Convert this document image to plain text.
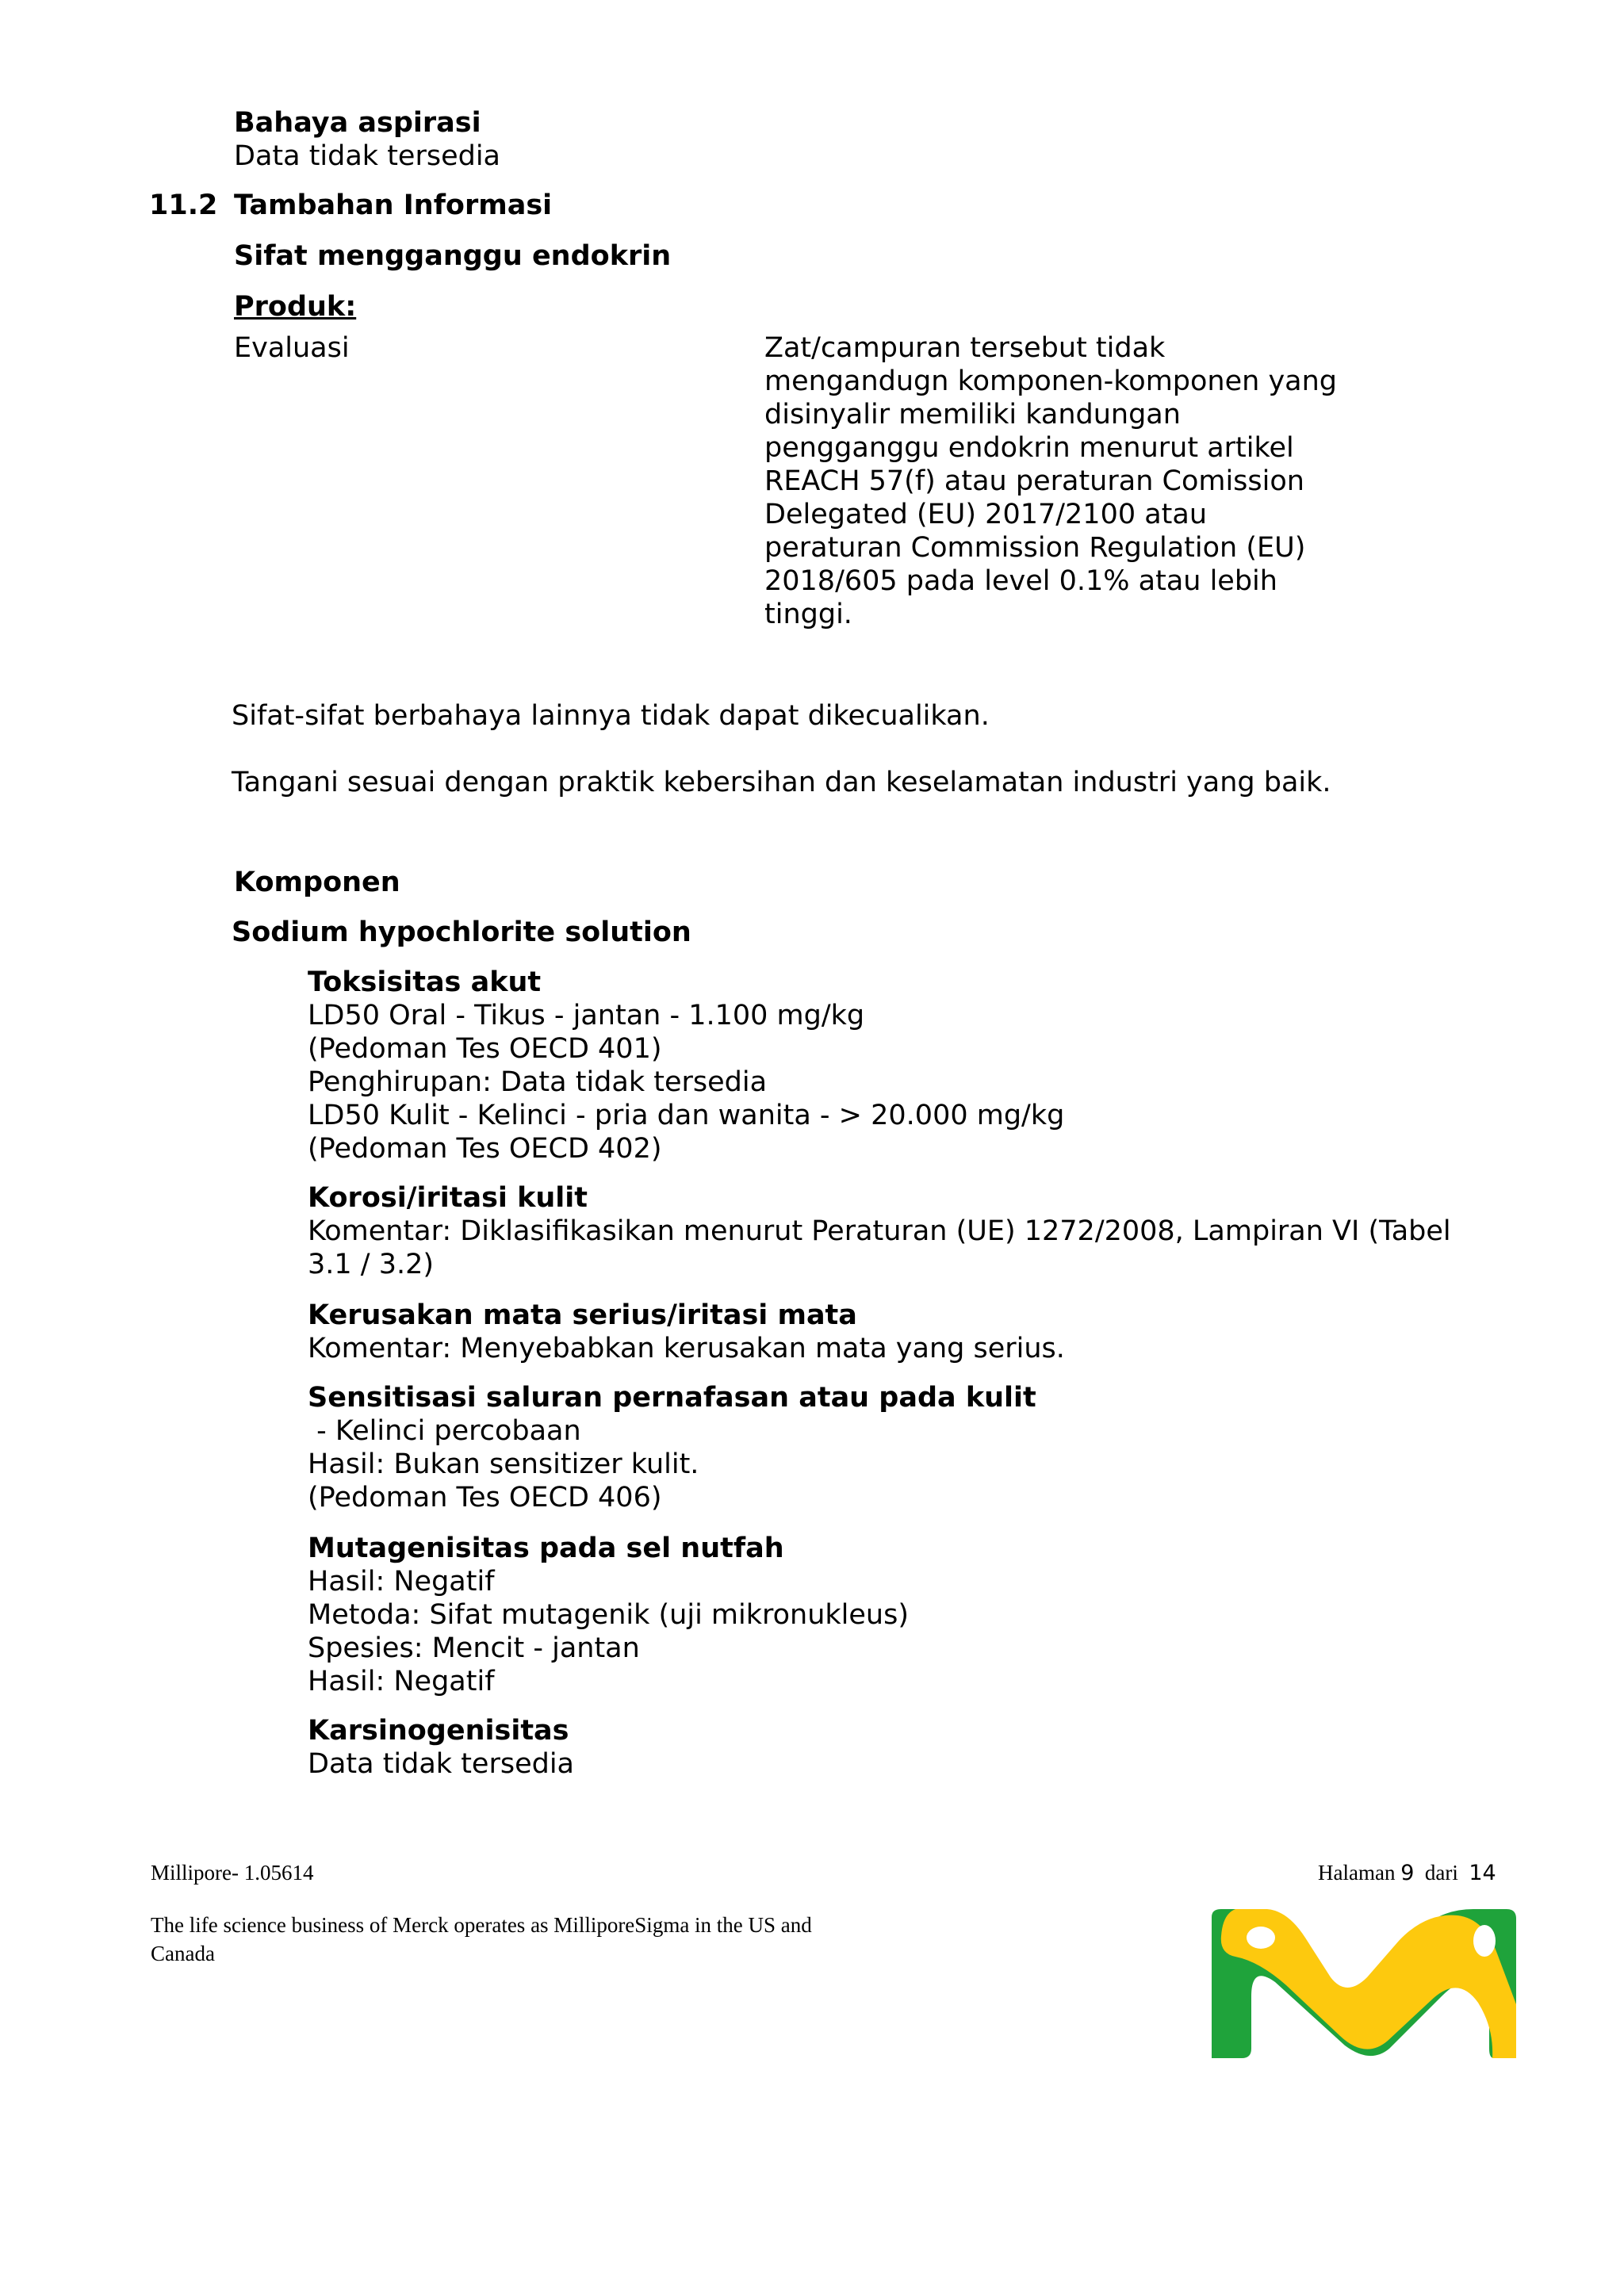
Bahaya aspirasi
Data tidak tersedia
11.2 Tambahan Informasi
Sifat mengganggu endokrin
Produk:
Evaluasi	Zat/campuran tersebut tidak
mengandugn komponen-komponen yang
disinyalir memiliki kandungan
pengganggu endokrin menurut artikel
REACH 57(f) atau peraturan Comission
Delegated (EU) 2017/2100 atau
peraturan Commission Regulation (EU)
2018/605 pada level 0.1% atau lebih
tinggi.
Sifat-sifat berbahaya lainnya tidak dapat dikecualikan.
Tangani sesuai dengan praktik kebersihan dan keselamatan industri yang baik.
Komponen
Sodium hypochlorite solution
Toksisitas akut
LD50 Oral - Tikus - jantan - 1.100 mg/kg
(Pedoman Tes OECD 401)
Penghirupan: Data tidak tersedia
LD50 Kulit - Kelinci - pria dan wanita - > 20.000 mg/kg
(Pedoman Tes OECD 402)
Korosi/iritasi kulit
Komentar: Diklasifikasikan menurut Peraturan (UE) 1272/2008, Lampiran VI (Tabel
3.1 / 3.2)
Kerusakan mata serius/iritasi mata
Komentar: Menyebabkan kerusakan mata yang serius.
Sensitisasi saluran pernafasan atau pada kulit
- Kelinci percobaan
Hasil: Bukan sensitizer kulit.
(Pedoman Tes OECD 406)
Mutagenisitas pada sel nutfah
Hasil: Negatif
Metoda: Sifat mutagenik (uji mikronukleus)
Spesies: Mencit - jantan
Hasil: Negatif
Karsinogenisitas
Data tidak tersedia
Millipore- 1.05614	Halaman 9 dari 14
The life science business of Merck operates as MilliporeSigma in the US and
Canada
